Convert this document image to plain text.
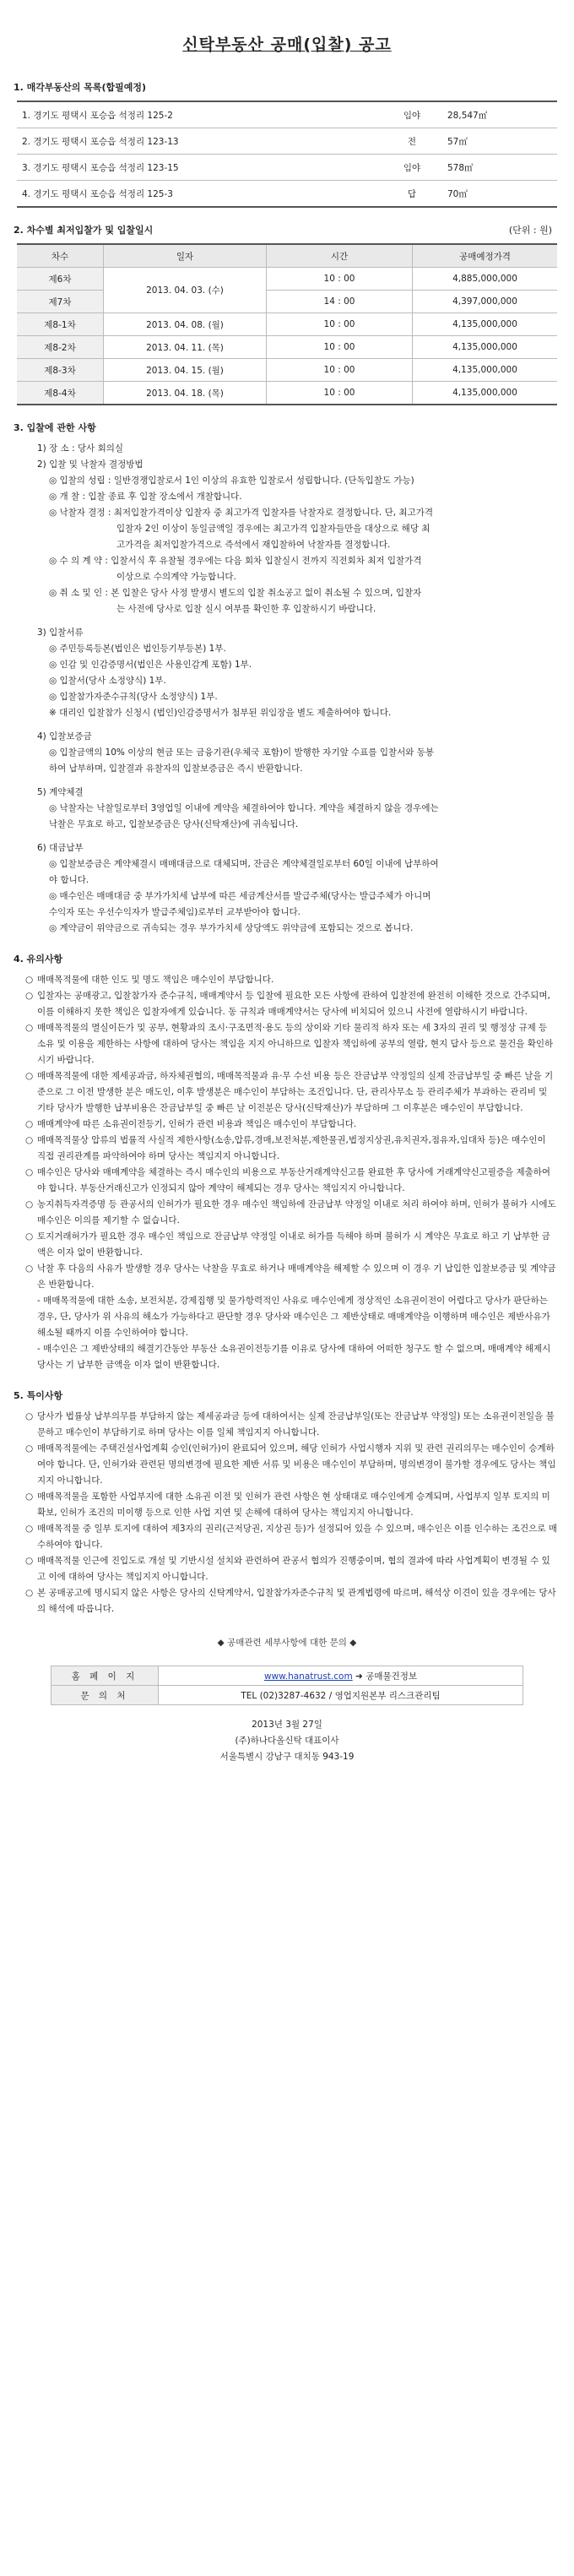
신탁부동산 공매(입찰) 공고
1. 매각부동산의 목록(합필예정)
1. 경기도 평택시 포승읍 석정리 125-2	임야	28,547㎡
2. 경기도 평택시 포승읍 석정리 123-13	전	57㎡
3. 경기도 평택시 포승읍 석정리 123-15	임야	578㎡
4. 경기도 평택시 포승읍 석정리 125-3	답	70㎡
2. 차수별 최저입찰가 및 입찰일시	(단위 : 원)
차수	일자	시간	공매예정가격
제6차	2013. 04. 03. (수)	10 : 00	4,885,000,000
제7차		14 : 00	4,397,000,000
제8-1차	2013. 04. 08. (월)	10 : 00	4,135,000,000
제8-2차	2013. 04. 11. (목)	10 : 00	4,135,000,000
제8-3차	2013. 04. 15. (월)	10 : 00	4,135,000,000
제8-4차	2013. 04. 18. (목)	10 : 00	4,135,000,000
3. 입찰에 관한 사항
1) 장 소 : 당사 회의실
2) 입찰 및 낙찰자 결정방법
◎ 입찰의 성립 : 일반경쟁입찰로서 1인 이상의 유효한 입찰로서 성립합니다. (단독입찰도 가능)
◎ 개 찰 : 입찰 종료 후 입찰 장소에서 개찰합니다.
◎ 낙찰자 결정 : 최저입찰가격이상 입찰자 중 최고가격 입찰자를 낙찰자로 결정합니다. 단, 최고가격
입찰자 2인 이상이 동일금액일 경우에는 최고가격 입찰자들만을 대상으로 해당 최
고가격을 최저입찰가격으로 즉석에서 재입찰하여 낙찰자를 결정합니다.
◎ 수 의 계 약 : 입찰서식 후 유찰될 경우에는 다음 회차 입찰실시 전까지 직전회차 최저 입찰가격
이상으로 수의계약 가능합니다.
◎ 취 소 및 인 : 본 입찰은 당사 사정 발생시 별도의 입찰 취소공고 없이 취소될 수 있으며, 입찰자
는 사전에 당사로 입찰 실시 여부를 확인한 후 입찰하시기 바랍니다.
3) 입찰서류
◎ 주민등록등본(법인은 법인등기부등본) 1부.
◎ 인감 및 인감증명서(법인은 사용인감계 포함) 1부.
◎ 입찰서(당사 소정양식) 1부.
◎ 입찰참가자준수규칙(당사 소정양식) 1부.
※ 대리인 입찰참가 신청시 (법인)인감증명서가 첨부된 위임장을 별도 제출하여야 합니다.
4) 입찰보증금
◎ 입찰금액의 10% 이상의 현금 또는 금융기관(우체국 포함)이 발행한 자기앞 수표를 입찰서와 동봉
하여 납부하며, 입찰결과 유찰자의 입찰보증금은 즉시 반환합니다.
5) 계약체결
◎ 낙찰자는 낙찰일로부터 3영업일 이내에 계약을 체결하여야 합니다. 계약을 체결하지 않을 경우에는
낙찰은 무효로 하고, 입찰보증금은 당사(신탁재산)에 귀속됩니다.
6) 대금납부
◎ 입찰보증금은 계약체결시 매매대금으로 대체되며, 잔금은 계약체결일로부터 60일 이내에 납부하여
야 합니다.
◎ 매수인은 매매대금 중 부가가치세 납부에 따른 세금계산서를 발급주체(당사는 발급주체가 아니며
수익자 또는 우선수익자가 발급주체임)로부터 교부받아야 합니다.
◎ 계약금이 위약금으로 귀속되는 경우 부가가치세 상당액도 위약금에 포함되는 것으로 봅니다.
4. 유의사항
○ 매매목적물에 대한 인도 및 명도 책임은 매수인이 부담합니다.
○ 입찰자는 공매광고, 입찰참가자 준수규칙, 매매계약서 등 입찰에 필요한 모든 사항에 관하여 입찰전에 완전히 이해한 것으로 간주되며, 이를 이해하지 못한 책임은 입찰자에게 있습니다. 동 규칙과 매매계약서는 당사에 비치되어 있으니 사전에 열람하시기 바랍니다.
○ 매매목적물의 멸실이든가 및 공부, 현황과의 조시·구조면적·용도 등의 상이와 기타 물리적 하자 또는 세 3자의 권리 및 행정상 규제 등 소유 및 이용을 제한하는 사항에 대하여 당사는 책임을 지지 아니하므로 입찰자 책임하에 공부의 열람, 현지 답사 등으로 물건을 확인하시기 바랍니다.
○ 매매목적물에 대한 제세공과금, 하자체권협의, 매매목적물과 유·무 수선 비용 등은 잔금납부 약정일의 실제 잔금납부일 중 빠른 날을 기준으로 그 이전 발생한 분은 매도인, 이후 발생분은 매수인이 부담하는 조건입니다. 단, 관리사무소 등 관리주체가 부과하는 관리비 및 기타 당사가 발행한 납부비용은 잔금납부일 중 빠른 날 이전분은 당사(신탁재산)가 부담하며 그 이후분은 매수인이 부담합니다.
○ 매매계약에 따른 소유권이전등기, 인허가 관련 비용과 책임은 매수인이 부담합니다.
○ 매매목적물상 압류의 법률적 사실적 제한사항(소송,압류,경매,보전처분,제한물권,법정지상권,유치권자,점유자,임대차 등)은 매수인이 직접 권리관계를 파악하여야 하며 당사는 책임지지 아니합니다.
○ 매수인은 당사와 매매계약을 체결하는 즉시 매수인의 비용으로 부동산거래계약신고를 완료한 후 당사에 거래계약신고필증을 제출하여야 합니다. 부동산거래신고가 인정되지 않아 계약이 해제되는 경우 당사는 책임지지 아니합니다.
○ 농지취득자격증명 등 관공서의 인허가가 필요한 경우 매수인 책임하에 잔금납부 약정일 이내로 처리 하여야 하며, 인허가 불허가 시에도 매수인은 이의를 제기할 수 없습니다.
○ 토지거래허가가 필요한 경우 매수인 책임으로 잔금납부 약정일 이내로 허가를 득해야 하며 불허가 시 계약은 무효로 하고 기 납부한 금액은 이자 없이 반환합니다.
○ 낙찰 후 다음의 사유가 발생할 경우 당사는 낙찰을 무효로 하거나 매매계약을 해제할 수 있으며 이 경우 기 납입한 입찰보증금 및 계약금은 반환합니다.
- 매매목적물에 대한 소송, 보전처분, 강제집행 및 물가항력적인 사유로 매수인에게 정상적인 소유권이전이 어렵다고 당사가 판단하는 경우, 단, 당사가 위 사유의 해소가 가능하다고 판단할 경우 당사와 매수인은 그 제반상태로 매매계약을 이행하며 매수인은 제반사유가 해소될 때까지 이를 수인하여야 합니다.
- 매수인은 그 제반상태의 해결기간동안 부동산 소유권이전등기를 이유로 당사에 대하여 어떠한 청구도 할 수 없으며, 매매계약 해제시 당사는 기 납부한 금액을 이자 없이 반환합니다.
5. 특이사항
○ 당사가 법률상 납부의무를 부담하지 않는 제세공과금 등에 대하여서는 실제 잔금납부일(또는 잔금납부 약정일) 또는 소유권이전일을 불문하고 매수인이 부담하기로 하며 당사는 이를 일체 책임지지 아니합니다.
○ 매매목적물에는 주택건설사업계획 승인(인허가)이 완료되어 있으며, 해당 인허가 사업시행자 지위 및 관련 권리의무는 매수인이 승계하여야 합니다. 단, 인허가와 관련된 명의변경에 필요한 제반 서류 및 비용은 매수인이 부담하며, 명의변경이 불가할 경우에도 당사는 책임지지 아니합니다.
○ 매매목적물을 포함한 사업부지에 대한 소유권 이전 및 인허가 관련 사항은 현 상태대로 매수인에게 승계되며, 사업부지 일부 토지의 미확보, 인허가 조건의 미이행 등으로 인한 사업 지연 및 손해에 대하여 당사는 책임지지 아니합니다.
○ 매매목적물 중 일부 토지에 대하여 제3자의 권리(근저당권, 지상권 등)가 설정되어 있을 수 있으며, 매수인은 이를 인수하는 조건으로 매수하여야 합니다.
○ 매매목적물 인근에 진입도로 개설 및 기반시설 설치와 관련하여 관공서 협의가 진행중이며, 협의 결과에 따라 사업계획이 변경될 수 있고 이에 대하여 당사는 책임지지 아니합니다.
○ 본 공매공고에 명시되지 않은 사항은 당사의 신탁계약서, 입찰참가자준수규칙 및 관계법령에 따르며, 해석상 이견이 있을 경우에는 당사의 해석에 따릅니다.
◆ 공매관련 세부사항에 대한 문의 ◆
홈 페 이 지	www.hanatrust.com ➜ 공매물건정보
문 의 처	TEL (02)3287-4632 / 영업지원본부 리스크관리팀
2013년 3월 27일
(주)하나다올신탁 대표이사
서울특별시 강남구 대치동 943-19
